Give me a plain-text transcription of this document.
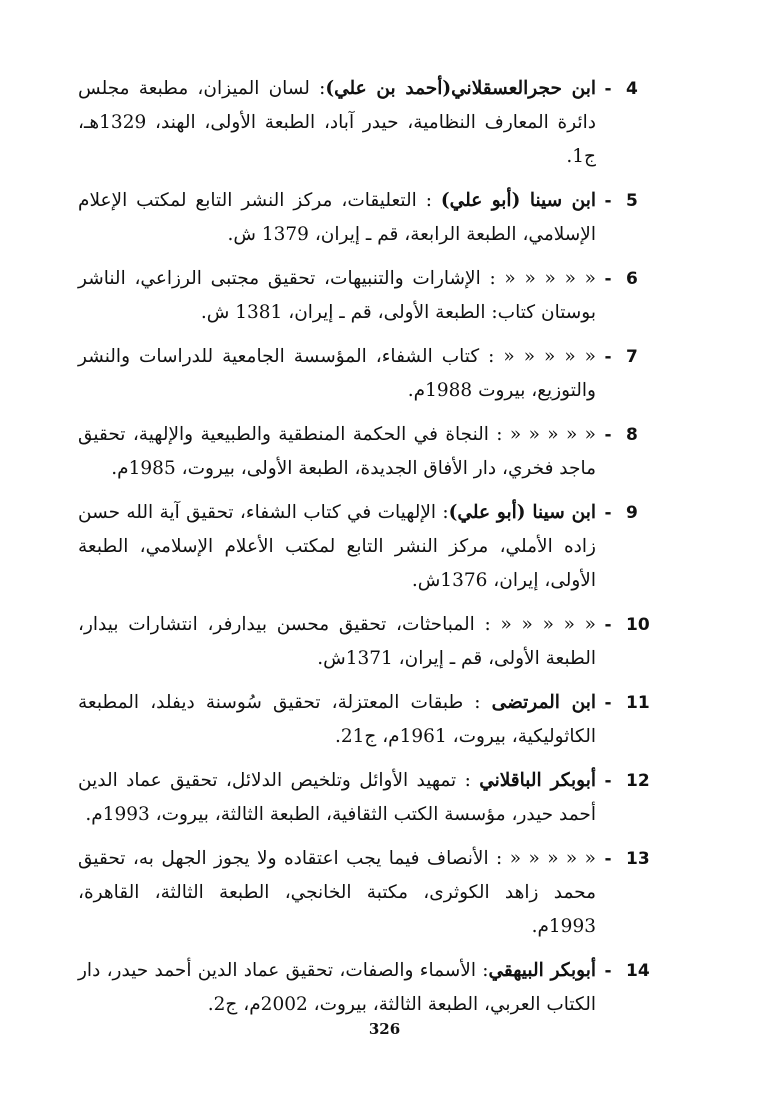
- 4
ابن حجرالعسقلاني(أحمد بن علي): لسان الميزان، مطبعة مجلس دائرة المعارف النظامية، حيدر آباد، الطبعة الأولى، الهند، 1329هـ، ج1.
- 5
ابن سينا (أبو علي) : التعليقات، مركز النشر التابع لمكتب الإعلام الإسلامي، الطبعة الرابعة، قم ـ إيران، 1379 ش.
- 6
« « « « « : الإشارات والتنبيهات، تحقيق مجتبى الرزاعي، الناشر بوستان كتاب: الطبعة الأولى، قم ـ إيران، 1381 ش.
- 7
« « « « « : كتاب الشفاء، المؤسسة الجامعية للدراسات والنشر والتوزيع، بيروت 1988م.
- 8
« « « « « : النجاة في الحكمة المنطقية والطبيعية والإلهية، تحقيق ماجد فخري، دار الأفاق الجديدة، الطبعة الأولى، بيروت، 1985م.
- 9
ابن سينا (أبو علي): الإلهيات في كتاب الشفاء، تحقيق آية الله حسن زاده الأملي، مركز النشر التابع لمكتب الأعلام الإسلامي، الطبعة الأولى، إيران، 1376ش.
- 10
« « « « « : المباحثات، تحقيق محسن بيدارفر، انتشارات بيدار، الطبعة الأولى، قم ـ إيران، 1371ش.
- 11
ابن المرتضى : طبقات المعتزلة، تحقيق سُوسنة ديفلد، المطبعة الكاثوليكية، بيروت، 1961م، ج21.
- 12
أبوبكر الباقلاني : تمهيد الأوائل وتلخيص الدلائل، تحقيق عماد الدين أحمد حيدر، مؤسسة الكتب الثقافية، الطبعة الثالثة، بيروت، 1993م.
- 13
« « « « « : الأنصاف فيما يجب اعتقاده ولا يجوز الجهل به، تحقيق محمد زاهد الكوثرى، مكتبة الخانجي، الطبعة الثالثة، القاهرة، 1993م.
- 14
أبوبكر البيهقي: الأسماء والصفات، تحقيق عماد الدين أحمد حيدر، دار الكتاب العربي، الطبعة الثالثة، بيروت، 2002م، ج2.
326
